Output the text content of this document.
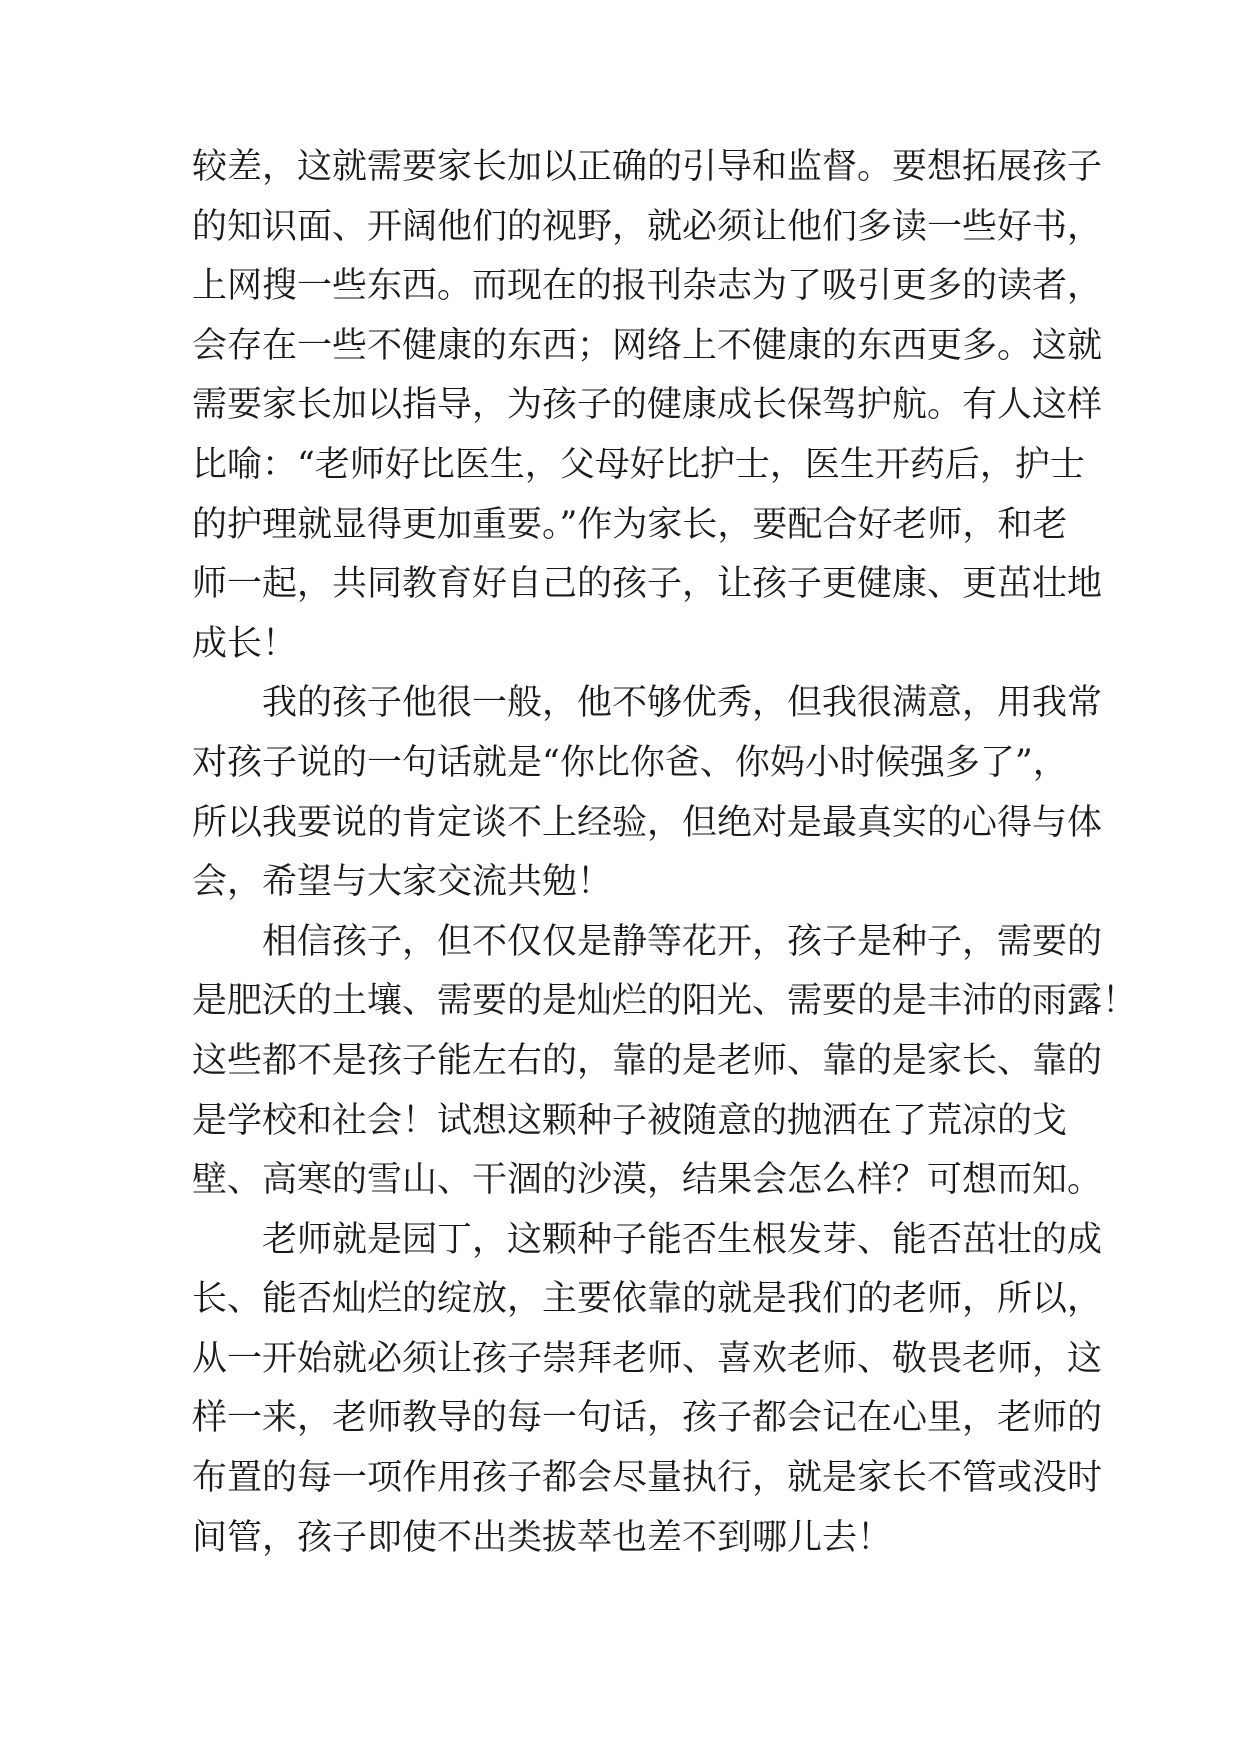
较差，这就需要家长加以正确的引导和监督。要想拓展孩子
的知识面、开阔他们的视野，就必须让他们多读一些好书，
上网搜一些东西。而现在的报刊杂志为了吸引更多的读者，
会存在一些不健康的东西；网络上不健康的东西更多。这就
需要家长加以指导，为孩子的健康成长保驾护航。有人这样
比喻：“老师好比医生，父母好比护士，医生开药后，护士
的护理就显得更加重要。”作为家长，要配合好老师，和老
师一起，共同教育好自己的孩子，让孩子更健康、更茁壮地
成长！
我的孩子他很一般，他不够优秀，但我很满意，用我常
对孩子说的一句话就是“你比你爸、你妈小时候强多了”，
所以我要说的肯定谈不上经验，但绝对是最真实的心得与体
会，希望与大家交流共勉！
相信孩子，但不仅仅是静等花开，孩子是种子，需要的
是肥沃的土壤、需要的是灿烂的阳光、需要的是丰沛的雨露！
这些都不是孩子能左右的，靠的是老师、靠的是家长、靠的
是学校和社会！试想这颗种子被随意的抛洒在了荒凉的戈
壁、高寒的雪山、干涸的沙漠，结果会怎么样？可想而知。
老师就是园丁，这颗种子能否生根发芽、能否茁壮的成
长、能否灿烂的绽放，主要依靠的就是我们的老师，所以，
从一开始就必须让孩子崇拜老师、喜欢老师、敬畏老师，这
样一来，老师教导的每一句话，孩子都会记在心里，老师的
布置的每一项作用孩子都会尽量执行，就是家长不管或没时
间管，孩子即使不出类拔萃也差不到哪儿去！
